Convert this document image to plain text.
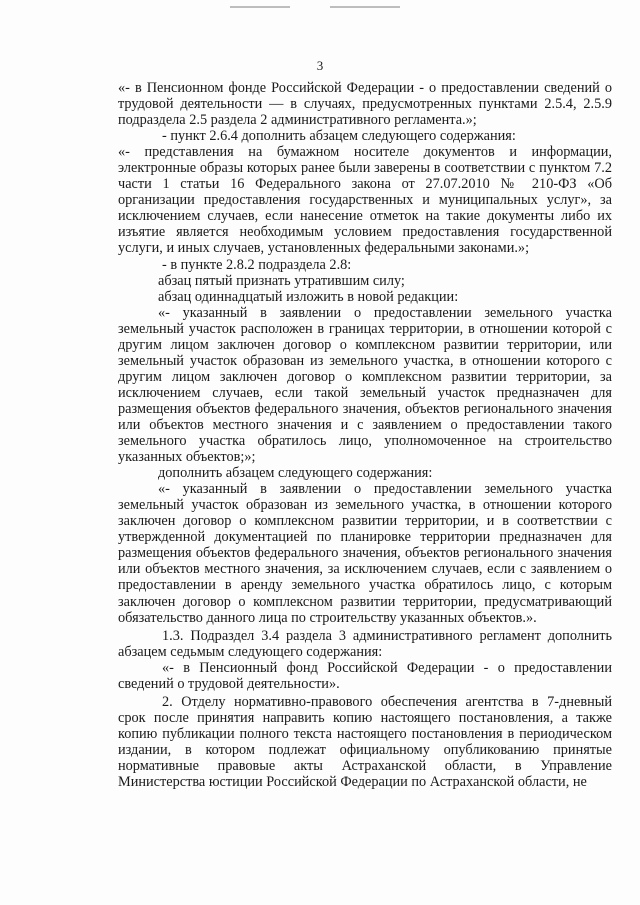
3

«- в Пенсионном фонде Российской Федерации - о предоставлении сведений о трудовой деятельности — в случаях, предусмотренных пунктами 2.5.4, 2.5.9 подраздела 2.5 раздела 2 административного регламента.»;

- пункт 2.6.4 дополнить абзацем следующего содержания:

«- представления на бумажном носителе документов и информации, электронные образы которых ранее были заверены в соответствии с пунктом 7.2 части 1 статьи 16 Федерального закона от 27.07.2010 № 210-ФЗ «Об организации предоставления государственных и муниципальных услуг», за исключением случаев, если нанесение отметок на такие документы либо их изъятие является необходимым условием предоставления государственной услуги, и иных случаев, установленных федеральными законами.»;

- в пункте 2.8.2 подраздела 2.8:

абзац пятый признать утратившим силу;

абзац одиннадцатый изложить в новой редакции:

«- указанный в заявлении о предоставлении земельного участка земельный участок расположен в границах территории, в отношении которой с другим лицом заключен договор о комплексном развитии территории, или земельный участок образован из земельного участка, в отношении которого с другим лицом заключен договор о комплексном развитии территории, за исключением случаев, если такой земельный участок предназначен для размещения объектов федерального значения, объектов регионального значения или объектов местного значения и с заявлением о предоставлении такого земельного участка обратилось лицо, уполномоченное на строительство указанных объектов;»;

дополнить абзацем следующего содержания:

«- указанный в заявлении о предоставлении земельного участка земельный участок образован из земельного участка, в отношении которого заключен договор о комплексном развитии территории, и в соответствии с утвержденной документацией по планировке территории предназначен для размещения объектов федерального значения, объектов регионального значения или объектов местного значения, за исключением случаев, если с заявлением о предоставлении в аренду земельного участка обратилось лицо, с которым заключен договор о комплексном развитии территории, предусматривающий обязательство данного лица по строительству указанных объектов.».

1.3. Подраздел 3.4 раздела 3 административного регламент дополнить абзацем седьмым следующего содержания:

«- в Пенсионный фонд Российской Федерации - о предоставлении сведений о трудовой деятельности».

2. Отделу нормативно-правового обеспечения агентства в 7-дневный срок после принятия направить копию настоящего постановления, а также копию публикации полного текста настоящего постановления в периодическом издании, в котором подлежат официальному опубликованию принятые нормативные правовые акты Астраханской области, в Управление Министерства юстиции Российской Федерации по Астраханской области, не
